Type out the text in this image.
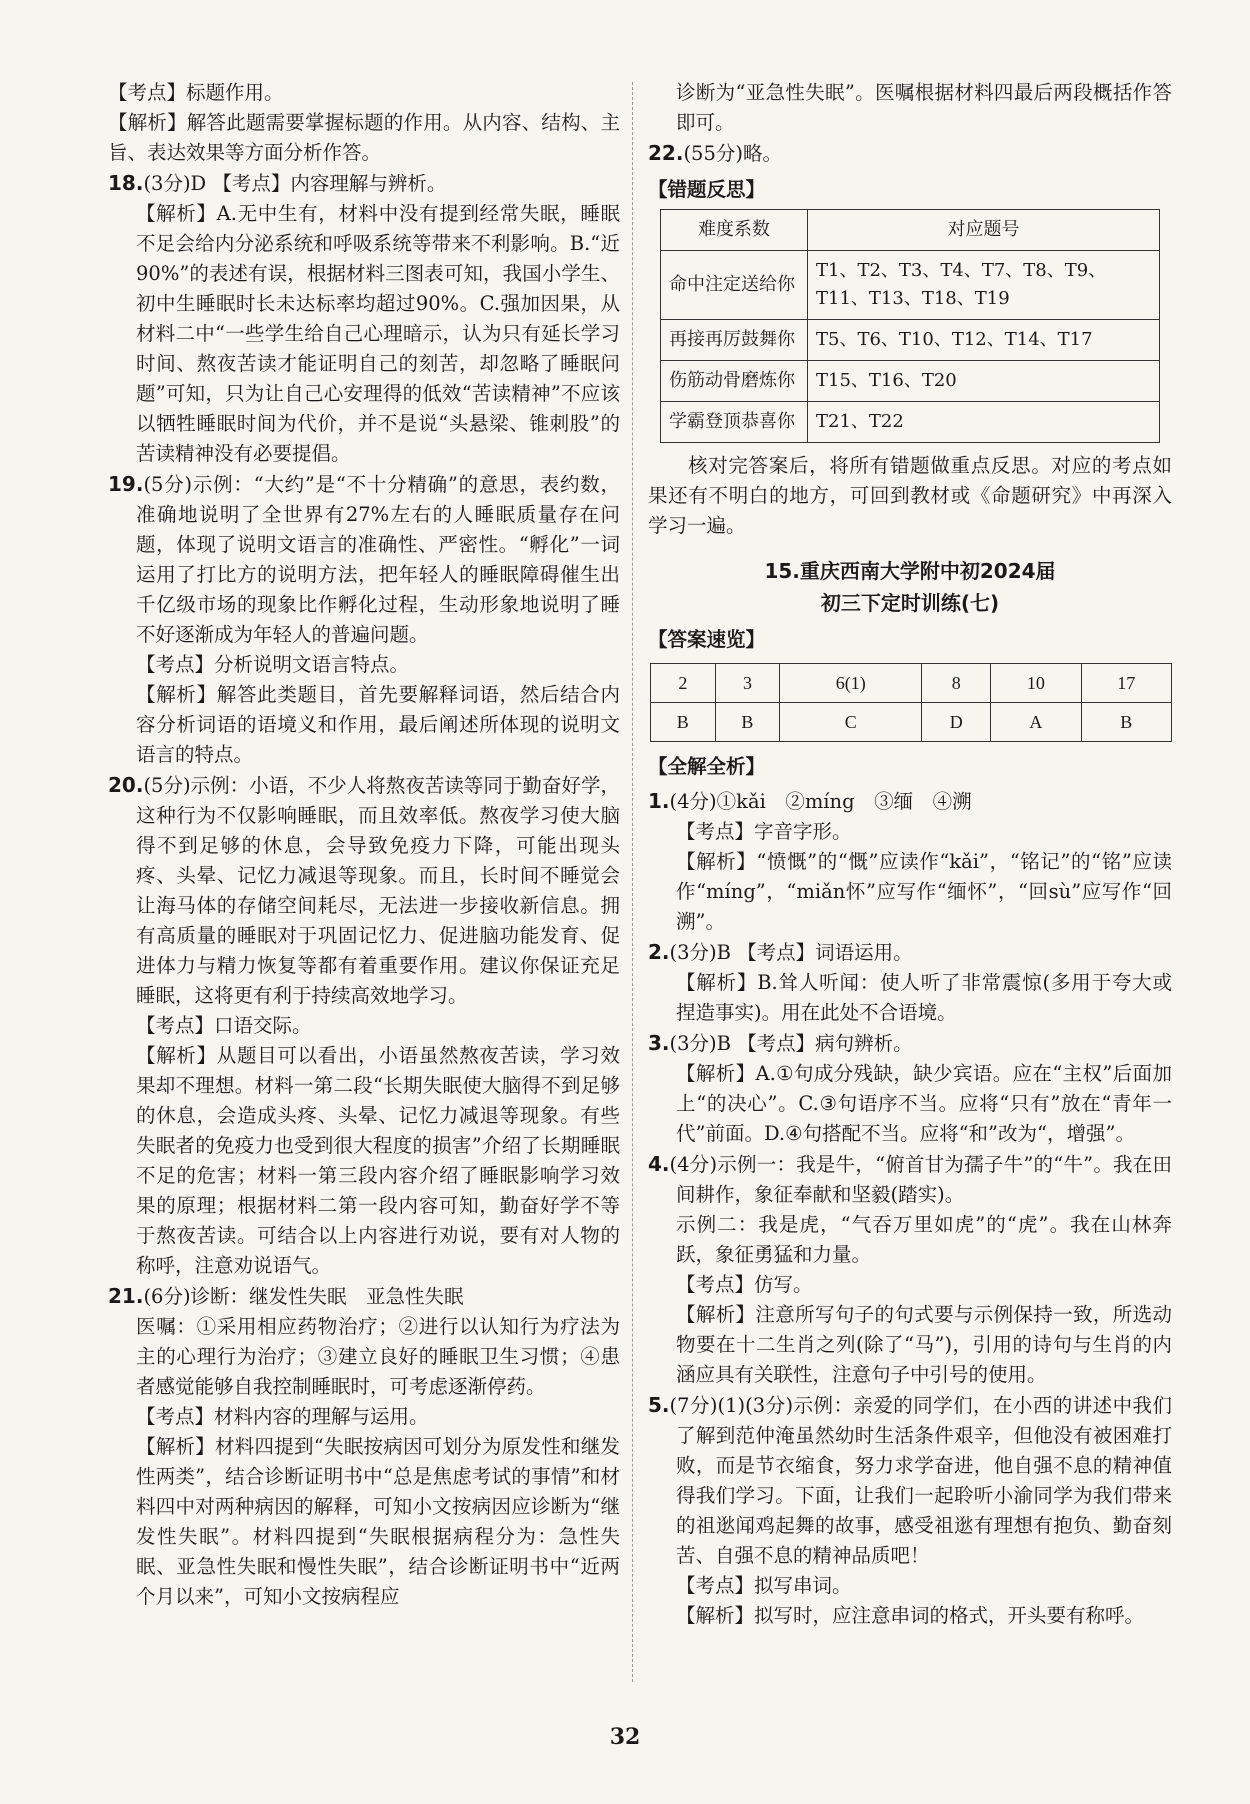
【考点】标题作用。

【解析】解答此题需要掌握标题的作用。从内容、结构、主旨、表达效果等方面分析作答。

18.(3分)D 【考点】内容理解与辨析。

【解析】A.无中生有，材料中没有提到经常失眠，睡眠不足会给内分泌系统和呼吸系统等带来不利影响。B.“近90%”的表述有误，根据材料三图表可知，我国小学生、初中生睡眠时长未达标率均超过90%。C.强加因果，从材料二中“一些学生给自己心理暗示，认为只有延长学习时间、熬夜苦读才能证明自己的刻苦，却忽略了睡眠问题”可知，只为让自己心安理得的低效“苦读精神”不应该以牺牲睡眠时间为代价，并不是说“头悬梁、锥刺股”的苦读精神没有必要提倡。

19.(5分)示例：“大约”是“不十分精确”的意思，表约数，准确地说明了全世界有27%左右的人睡眠质量存在问题，体现了说明文语言的准确性、严密性。“孵化”一词运用了打比方的说明方法，把年轻人的睡眠障碍催生出千亿级市场的现象比作孵化过程，生动形象地说明了睡不好逐渐成为年轻人的普遍问题。

【考点】分析说明文语言特点。

【解析】解答此类题目，首先要解释词语，然后结合内容分析词语的语境义和作用，最后阐述所体现的说明文语言的特点。

20.(5分)示例：小语，不少人将熬夜苦读等同于勤奋好学，这种行为不仅影响睡眠，而且效率低。熬夜学习使大脑得不到足够的休息，会导致免疫力下降，可能出现头疼、头晕、记忆力减退等现象。而且，长时间不睡觉会让海马体的存储空间耗尽，无法进一步接收新信息。拥有高质量的睡眠对于巩固记忆力、促进脑功能发育、促进体力与精力恢复等都有着重要作用。建议你保证充足睡眠，这将更有利于持续高效地学习。

【考点】口语交际。

【解析】从题目可以看出，小语虽然熬夜苦读，学习效果却不理想。材料一第二段“长期失眠使大脑得不到足够的休息，会造成头疼、头晕、记忆力减退等现象。有些失眠者的免疫力也受到很大程度的损害”介绍了长期睡眠不足的危害；材料一第三段内容介绍了睡眠影响学习效果的原理；根据材料二第一段内容可知，勤奋好学不等于熬夜苦读。可结合以上内容进行劝说，要有对人物的称呼，注意劝说语气。

21.(6分)诊断：继发性失眠　亚急性失眠

医嘱：①采用相应药物治疗；②进行以认知行为疗法为主的心理行为治疗；③建立良好的睡眠卫生习惯；④患者感觉能够自我控制睡眠时，可考虑逐渐停药。

【考点】材料内容的理解与运用。

【解析】材料四提到“失眠按病因可划分为原发性和继发性两类”，结合诊断证明书中“总是焦虑考试的事情”和材料四中对两种病因的解释，可知小文按病因应诊断为“继发性失眠”。材料四提到“失眠根据病程分为：急性失眠、亚急性失眠和慢性失眠”，结合诊断证明书中“近两个月以来”，可知小文按病程应

诊断为“亚急性失眠”。医嘱根据材料四最后两段概括作答即可。

22.(55分)略。

【错题反思】

难度系数	对应题号
命中注定送给你	T1、T2、T3、T4、T7、T8、T9、T11、T13、T18、T19
再接再厉鼓舞你	T5、T6、T10、T12、T14、T17
伤筋动骨磨炼你	T15、T16、T20
学霸登顶恭喜你	T21、T22

核对完答案后，将所有错题做重点反思。对应的考点如果还有不明白的地方，可回到教材或《命题研究》中再深入学习一遍。

15.重庆西南大学附中初2024届

初三下定时训练(七)

【答案速览】

2	3	6(1)	8	10	17
B	B	C	D	A	B

【全解全析】

1.(4分)①kǎi　②míng　③缅　④溯

【考点】字音字形。

【解析】“愤慨”的“慨”应读作“kǎi”，“铭记”的“铭”应读作“míng”，“miǎn怀”应写作“缅怀”，“回sù”应写作“回溯”。

2.(3分)B 【考点】词语运用。

【解析】B.耸人听闻：使人听了非常震惊(多用于夸大或捏造事实)。用在此处不合语境。

3.(3分)B 【考点】病句辨析。

【解析】A.①句成分残缺，缺少宾语。应在“主权”后面加上“的决心”。C.③句语序不当。应将“只有”放在“青年一代”前面。D.④句搭配不当。应将“和”改为“，增强”。

4.(4分)示例一：我是牛，“俯首甘为孺子牛”的“牛”。我在田间耕作，象征奉献和坚毅(踏实)。

示例二：我是虎，“气吞万里如虎”的“虎”。我在山林奔跃，象征勇猛和力量。

【考点】仿写。

【解析】注意所写句子的句式要与示例保持一致，所选动物要在十二生肖之列(除了“马”)，引用的诗句与生肖的内涵应具有关联性，注意句子中引号的使用。

5.(7分)(1)(3分)示例：亲爱的同学们，在小西的讲述中我们了解到范仲淹虽然幼时生活条件艰辛，但他没有被困难打败，而是节衣缩食，努力求学奋进，他自强不息的精神值得我们学习。下面，让我们一起聆听小渝同学为我们带来的祖逖闻鸡起舞的故事，感受祖逖有理想有抱负、勤奋刻苦、自强不息的精神品质吧！

【考点】拟写串词。

【解析】拟写时，应注意串词的格式，开头要有称呼。

32
